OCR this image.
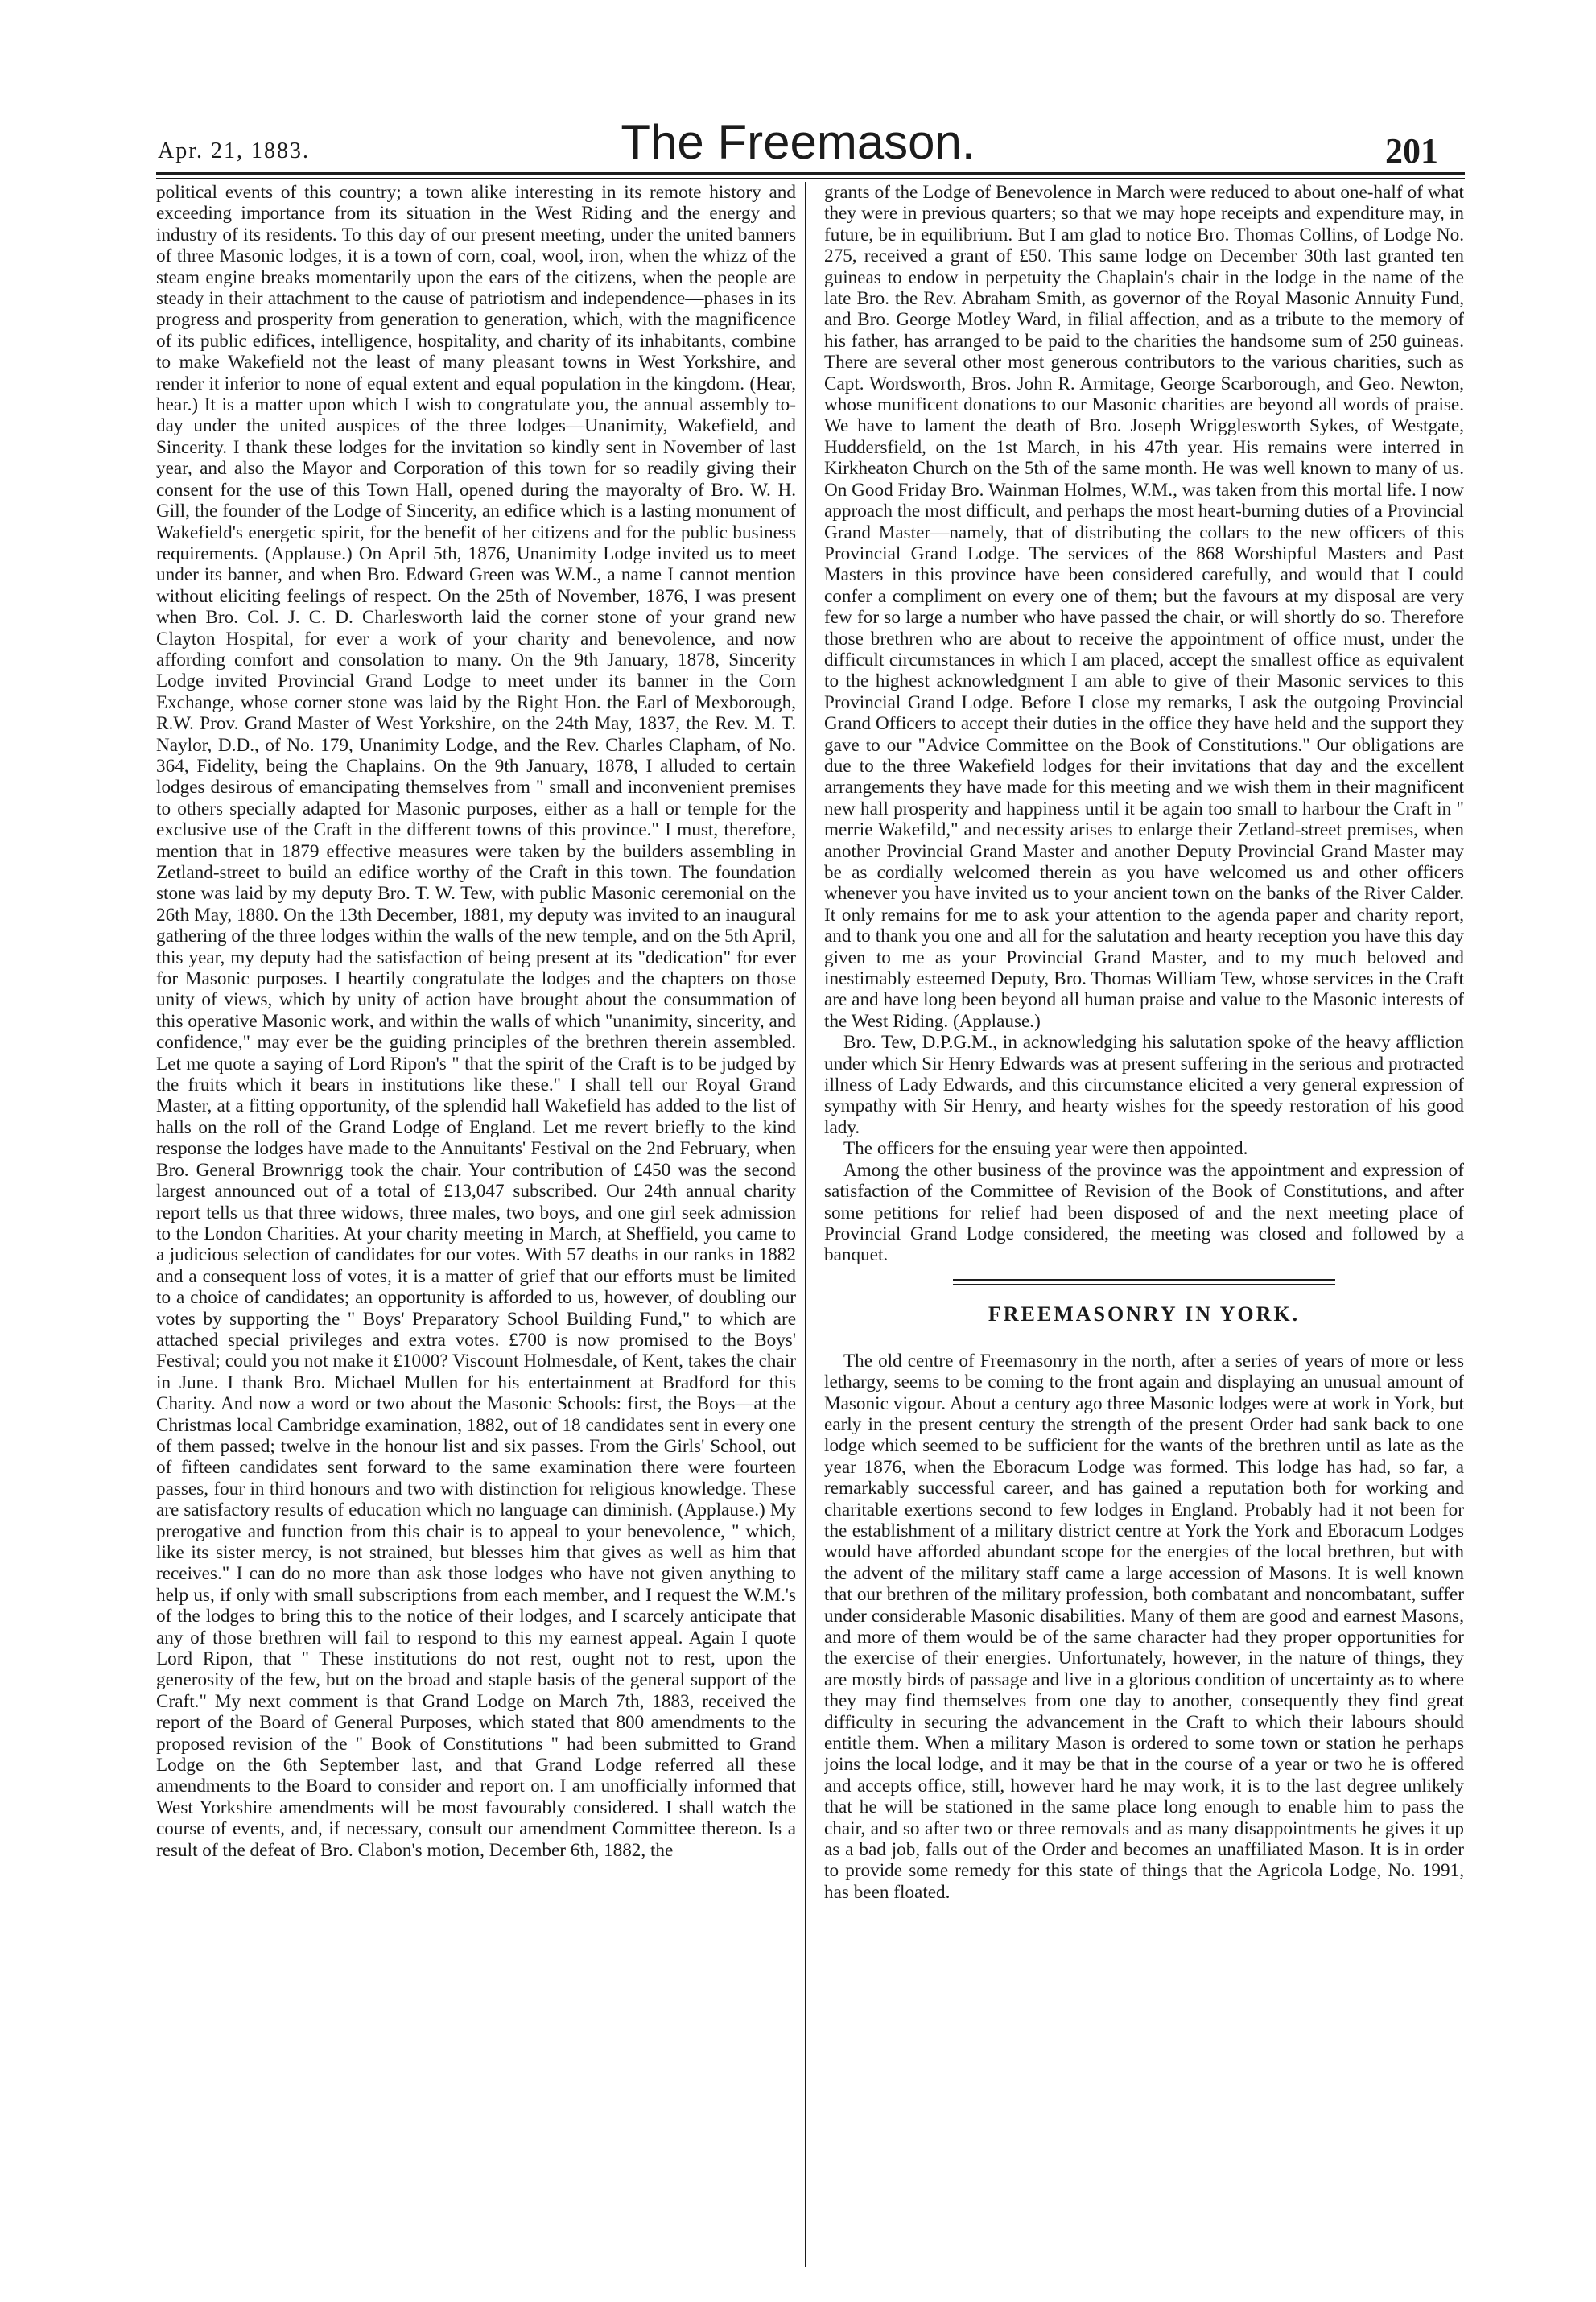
Apr. 21, 1883.	The Freemason.	201

political events of this country; a town alike interesting in its remote history and exceeding importance from its situation in the West Riding and the energy and industry of its residents. To this day of our present meeting, under the united banners of three Masonic lodges, it is a town of corn, coal, wool, iron, when the whizz of the steam engine breaks momentarily upon the ears of the citizens, when the people are steady in their attachment to the cause of patriotism and independence—phases in its progress and prosperity from generation to generation, which, with the magnificence of its public edifices, intelligence, hospitality, and charity of its inhabitants, combine to make Wakefield not the least of many pleasant towns in West Yorkshire, and render it inferior to none of equal extent and equal population in the kingdom. (Hear, hear.) It is a matter upon which I wish to congratulate you, the annual assembly to-day under the united auspices of the three lodges—Unanimity, Wakefield, and Sincerity. I thank these lodges for the invitation so kindly sent in November of last year, and also the Mayor and Corporation of this town for so readily giving their consent for the use of this Town Hall, opened during the mayoralty of Bro. W. H. Gill, the founder of the Lodge of Sincerity, an edifice which is a lasting monument of Wakefield's energetic spirit, for the benefit of her citizens and for the public business requirements. (Applause.) On April 5th, 1876, Unanimity Lodge invited us to meet under its banner, and when Bro. Edward Green was W.M., a name I cannot mention without eliciting feelings of respect. On the 25th of November, 1876, I was present when Bro. Col. J. C. D. Charlesworth laid the corner stone of your grand new Clayton Hospital, for ever a work of your charity and benevolence, and now affording comfort and consolation to many. On the 9th January, 1878, Sincerity Lodge invited Provincial Grand Lodge to meet under its banner in the Corn Exchange, whose corner stone was laid by the Right Hon. the Earl of Mexborough, R.W. Prov. Grand Master of West Yorkshire, on the 24th May, 1837, the Rev. M. T. Naylor, D.D., of No. 179, Unanimity Lodge, and the Rev. Charles Clapham, of No. 364, Fidelity, being the Chaplains. On the 9th January, 1878, I alluded to certain lodges desirous of emancipating themselves from " small and inconvenient premises to others specially adapted for Masonic purposes, either as a hall or temple for the exclusive use of the Craft in the different towns of this province." I must, therefore, mention that in 1879 effective measures were taken by the builders assembling in Zetland-street to build an edifice worthy of the Craft in this town. The foundation stone was laid by my deputy Bro. T. W. Tew, with public Masonic ceremonial on the 26th May, 1880. On the 13th December, 1881, my deputy was invited to an inaugural gathering of the three lodges within the walls of the new temple, and on the 5th April, this year, my deputy had the satisfaction of being present at its "dedication" for ever for Masonic purposes. I heartily congratulate the lodges and the chapters on those unity of views, which by unity of action have brought about the consummation of this operative Masonic work, and within the walls of which "unanimity, sincerity, and confidence," may ever be the guiding principles of the brethren therein assembled. Let me quote a saying of Lord Ripon's " that the spirit of the Craft is to be judged by the fruits which it bears in institutions like these." I shall tell our Royal Grand Master, at a fitting opportunity, of the splendid hall Wakefield has added to the list of halls on the roll of the Grand Lodge of England. Let me revert briefly to the kind response the lodges have made to the Annuitants' Festival on the 2nd February, when Bro. General Brownrigg took the chair. Your contribution of £450 was the second largest announced out of a total of £13,047 subscribed. Our 24th annual charity report tells us that three widows, three males, two boys, and one girl seek admission to the London Charities. At your charity meeting in March, at Sheffield, you came to a judicious selection of candidates for our votes. With 57 deaths in our ranks in 1882 and a consequent loss of votes, it is a matter of grief that our efforts must be limited to a choice of candidates; an opportunity is afforded to us, however, of doubling our votes by supporting the " Boys' Preparatory School Building Fund," to which are attached special privileges and extra votes. £700 is now promised to the Boys' Festival; could you not make it £1000? Viscount Holmesdale, of Kent, takes the chair in June. I thank Bro. Michael Mullen for his entertainment at Bradford for this Charity. And now a word or two about the Masonic Schools: first, the Boys—at the Christmas local Cambridge examination, 1882, out of 18 candidates sent in every one of them passed; twelve in the honour list and six passes. From the Girls' School, out of fifteen candidates sent forward to the same examination there were fourteen passes, four in third honours and two with distinction for religious knowledge. These are satisfactory results of education which no language can diminish. (Applause.) My prerogative and function from this chair is to appeal to your benevolence, " which, like its sister mercy, is not strained, but blesses him that gives as well as him that receives." I can do no more than ask those lodges who have not given anything to help us, if only with small subscriptions from each member, and I request the W.M.'s of the lodges to bring this to the notice of their lodges, and I scarcely anticipate that any of those brethren will fail to respond to this my earnest appeal. Again I quote Lord Ripon, that " These institutions do not rest, ought not to rest, upon the generosity of the few, but on the broad and staple basis of the general support of the Craft." My next comment is that Grand Lodge on March 7th, 1883, received the report of the Board of General Purposes, which stated that 800 amendments to the proposed revision of the " Book of Constitutions " had been submitted to Grand Lodge on the 6th September last, and that Grand Lodge referred all these amendments to the Board to consider and report on. I am unofficially informed that West Yorkshire amendments will be most favourably considered. I shall watch the course of events, and, if necessary, consult our amendment Committee thereon. Is a result of the defeat of Bro. Clabon's motion, December 6th, 1882, the

grants of the Lodge of Benevolence in March were reduced to about one-half of what they were in previous quarters; so that we may hope receipts and expenditure may, in future, be in equilibrium. But I am glad to notice Bro. Thomas Collins, of Lodge No. 275, received a grant of £50. This same lodge on December 30th last granted ten guineas to endow in perpetuity the Chaplain's chair in the lodge in the name of the late Bro. the Rev. Abraham Smith, as governor of the Royal Masonic Annuity Fund, and Bro. George Motley Ward, in filial affection, and as a tribute to the memory of his father, has arranged to be paid to the charities the handsome sum of 250 guineas. There are several other most generous contributors to the various charities, such as Capt. Wordsworth, Bros. John R. Armitage, George Scarborough, and Geo. Newton, whose munificent donations to our Masonic charities are beyond all words of praise. We have to lament the death of Bro. Joseph Wrigglesworth Sykes, of Westgate, Huddersfield, on the 1st March, in his 47th year. His remains were interred in Kirkheaton Church on the 5th of the same month. He was well known to many of us. On Good Friday Bro. Wainman Holmes, W.M., was taken from this mortal life. I now approach the most difficult, and perhaps the most heart-burning duties of a Provincial Grand Master—namely, that of distributing the collars to the new officers of this Provincial Grand Lodge. The services of the 868 Worshipful Masters and Past Masters in this province have been considered carefully, and would that I could confer a compliment on every one of them; but the favours at my disposal are very few for so large a number who have passed the chair, or will shortly do so. Therefore those brethren who are about to receive the appointment of office must, under the difficult circumstances in which I am placed, accept the smallest office as equivalent to the highest acknowledgment I am able to give of their Masonic services to this Provincial Grand Lodge. Before I close my remarks, I ask the outgoing Provincial Grand Officers to accept their duties in the office they have held and the support they gave to our "Advice Committee on the Book of Constitutions." Our obligations are due to the three Wakefield lodges for their invitations that day and the excellent arrangements they have made for this meeting and we wish them in their magnificent new hall prosperity and happiness until it be again too small to harbour the Craft in " merrie Wakefild," and necessity arises to enlarge their Zetland-street premises, when another Provincial Grand Master and another Deputy Provincial Grand Master may be as cordially welcomed therein as you have welcomed us and other officers whenever you have invited us to your ancient town on the banks of the River Calder. It only remains for me to ask your attention to the agenda paper and charity report, and to thank you one and all for the salutation and hearty reception you have this day given to me as your Provincial Grand Master, and to my much beloved and inestimably esteemed Deputy, Bro. Thomas William Tew, whose services in the Craft are and have long been beyond all human praise and value to the Masonic interests of the West Riding. (Applause.)

Bro. Tew, D.P.G.M., in acknowledging his salutation spoke of the heavy affliction under which Sir Henry Edwards was at present suffering in the serious and protracted illness of Lady Edwards, and this circumstance elicited a very general expression of sympathy with Sir Henry, and hearty wishes for the speedy restoration of his good lady.

The officers for the ensuing year were then appointed.

Among the other business of the province was the appointment and expression of satisfaction of the Committee of Revision of the Book of Constitutions, and after some petitions for relief had been disposed of and the next meeting place of Provincial Grand Lodge considered, the meeting was closed and followed by a banquet.

FREEMASONRY IN YORK.

The old centre of Freemasonry in the north, after a series of years of more or less lethargy, seems to be coming to the front again and displaying an unusual amount of Masonic vigour. About a century ago three Masonic lodges were at work in York, but early in the present century the strength of the present Order had sank back to one lodge which seemed to be sufficient for the wants of the brethren until as late as the year 1876, when the Eboracum Lodge was formed. This lodge has had, so far, a remarkably successful career, and has gained a reputation both for working and charitable exertions second to few lodges in England. Probably had it not been for the establishment of a military district centre at York the York and Eboracum Lodges would have afforded abundant scope for the energies of the local brethren, but with the advent of the military staff came a large accession of Masons. It is well known that our brethren of the military profession, both combatant and noncombatant, suffer under considerable Masonic disabilities. Many of them are good and earnest Masons, and more of them would be of the same character had they proper opportunities for the exercise of their energies. Unfortunately, however, in the nature of things, they are mostly birds of passage and live in a glorious condition of uncertainty as to where they may find themselves from one day to another, consequently they find great difficulty in securing the advancement in the Craft to which their labours should entitle them. When a military Mason is ordered to some town or station he perhaps joins the local lodge, and it may be that in the course of a year or two he is offered and accepts office, still, however hard he may work, it is to the last degree unlikely that he will be stationed in the same place long enough to enable him to pass the chair, and so after two or three removals and as many disappointments he gives it up as a bad job, falls out of the Order and becomes an unaffiliated Mason. It is in order to provide some remedy for this state of things that the Agricola Lodge, No. 1991, has been floated.
